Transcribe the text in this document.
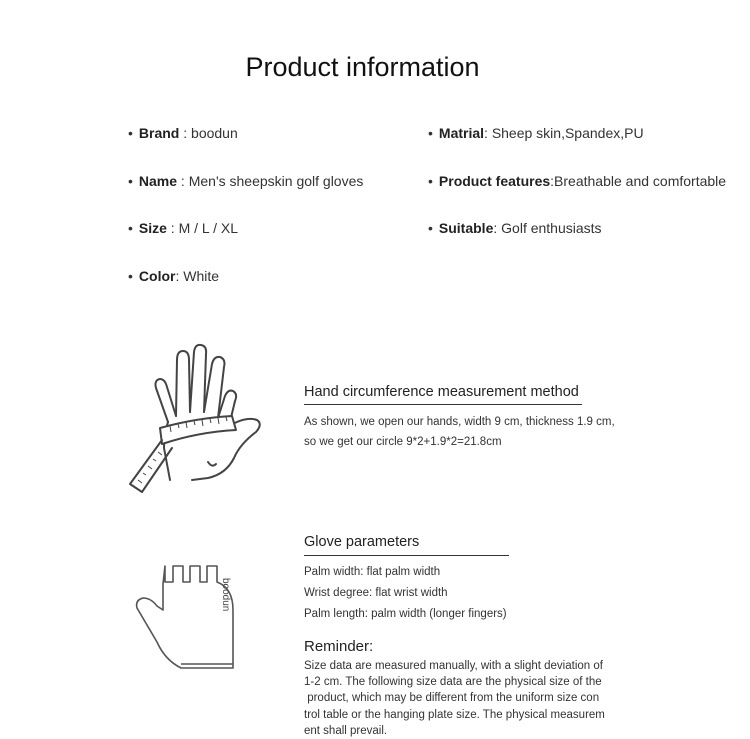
Product information
• Brand : boodun
• Name : Men's sheepskin golf gloves
• Size : M / L / XL
• Color: White
• Matrial: Sheep skin,Spandex,PU
• Product features:Breathable and comfortable
• Suitable: Golf enthusiasts
Hand circumference measurement method
As shown, we open our hands, width 9 cm, thickness 1.9 cm,
so we get our circle 9*2+1.9*2=21.8cm
boodun
Glove parameters
Palm width: flat palm width
Wrist degree: flat wrist width
Palm length: palm width (longer fingers)
Reminder:
Size data are measured manually, with a slight deviation of
1-2 cm. The following size data are the physical size of the
product, which may be different from the uniform size con
trol table or the hanging plate size. The physical measurem
ent shall prevail.
